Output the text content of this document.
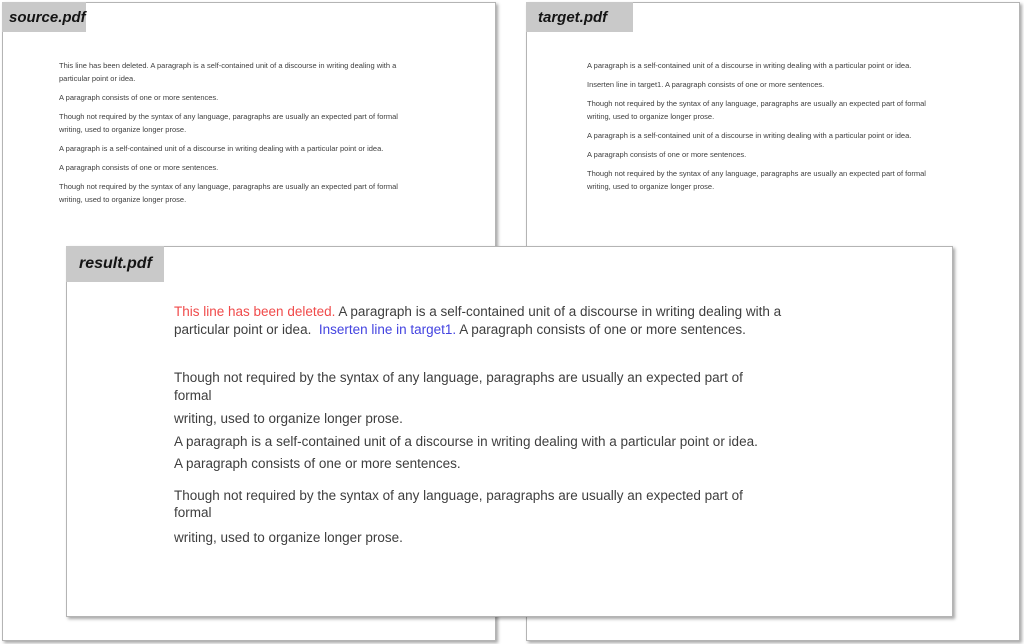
source.pdf
This line has been deleted. A paragraph is a self-contained unit of a discourse in writing dealing with a
particular point or idea.
A paragraph consists of one or more sentences.
Though not required by the syntax of any language, paragraphs are usually an expected part of formal
writing, used to organize longer prose.
A paragraph is a self-contained unit of a discourse in writing dealing with a particular point or idea.
A paragraph consists of one or more sentences.
Though not required by the syntax of any language, paragraphs are usually an expected part of formal
writing, used to organize longer prose.
target.pdf
A paragraph is a self-contained unit of a discourse in writing dealing with a particular point or idea.
Inserten line in target1. A paragraph consists of one or more sentences.
Though not required by the syntax of any language, paragraphs are usually an expected part of formal
writing, used to organize longer prose.
A paragraph is a self-contained unit of a discourse in writing dealing with a particular point or idea.
A paragraph consists of one or more sentences.
Though not required by the syntax of any language, paragraphs are usually an expected part of formal
writing, used to organize longer prose.
result.pdf
This line has been deleted. A paragraph is a self-contained unit of a discourse in writing dealing with a
particular point or idea.  Inserten line in target1. A paragraph consists of one or more sentences.
Though not required by the syntax of any language, paragraphs are usually an expected part of
formal
writing, used to organize longer prose.
A paragraph is a self-contained unit of a discourse in writing dealing with a particular point or idea.
A paragraph consists of one or more sentences.
Though not required by the syntax of any language, paragraphs are usually an expected part of
formal
writing, used to organize longer prose.
